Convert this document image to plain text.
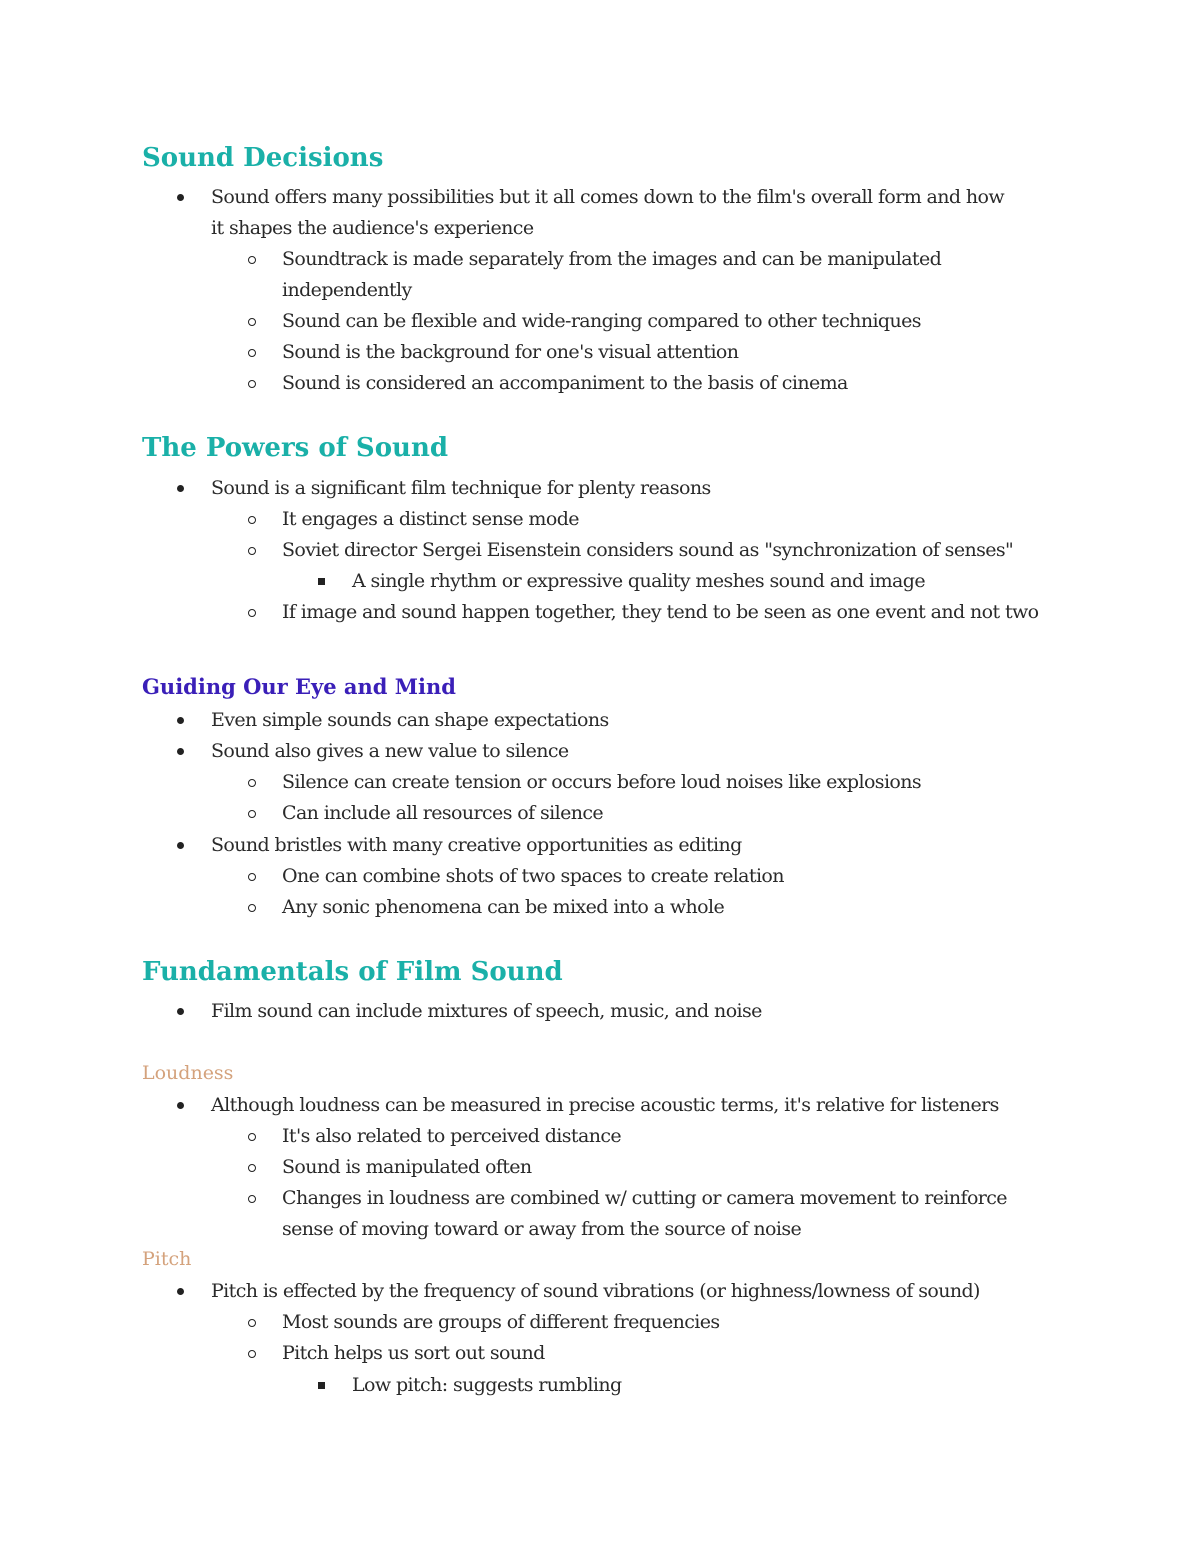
Sound Decisions
Sound offers many possibilities but it all comes down to the film's overall form and how
it shapes the audience's experience
Soundtrack is made separately from the images and can be manipulated
independently
Sound can be flexible and wide-ranging compared to other techniques
Sound is the background for one's visual attention
Sound is considered an accompaniment to the basis of cinema
The Powers of Sound
Sound is a significant film technique for plenty reasons
It engages a distinct sense mode
Soviet director Sergei Eisenstein considers sound as "synchronization of senses"
A single rhythm or expressive quality meshes sound and image
If image and sound happen together, they tend to be seen as one event and not two
Guiding Our Eye and Mind
Even simple sounds can shape expectations
Sound also gives a new value to silence
Silence can create tension or occurs before loud noises like explosions
Can include all resources of silence
Sound bristles with many creative opportunities as editing
One can combine shots of two spaces to create relation
Any sonic phenomena can be mixed into a whole
Fundamentals of Film Sound
Film sound can include mixtures of speech, music, and noise
Loudness
Although loudness can be measured in precise acoustic terms, it's relative for listeners
It's also related to perceived distance
Sound is manipulated often
Changes in loudness are combined w/ cutting or camera movement to reinforce
sense of moving toward or away from the source of noise
Pitch
Pitch is effected by the frequency of sound vibrations (or highness/lowness of sound)
Most sounds are groups of different frequencies
Pitch helps us sort out sound
Low pitch: suggests rumbling
